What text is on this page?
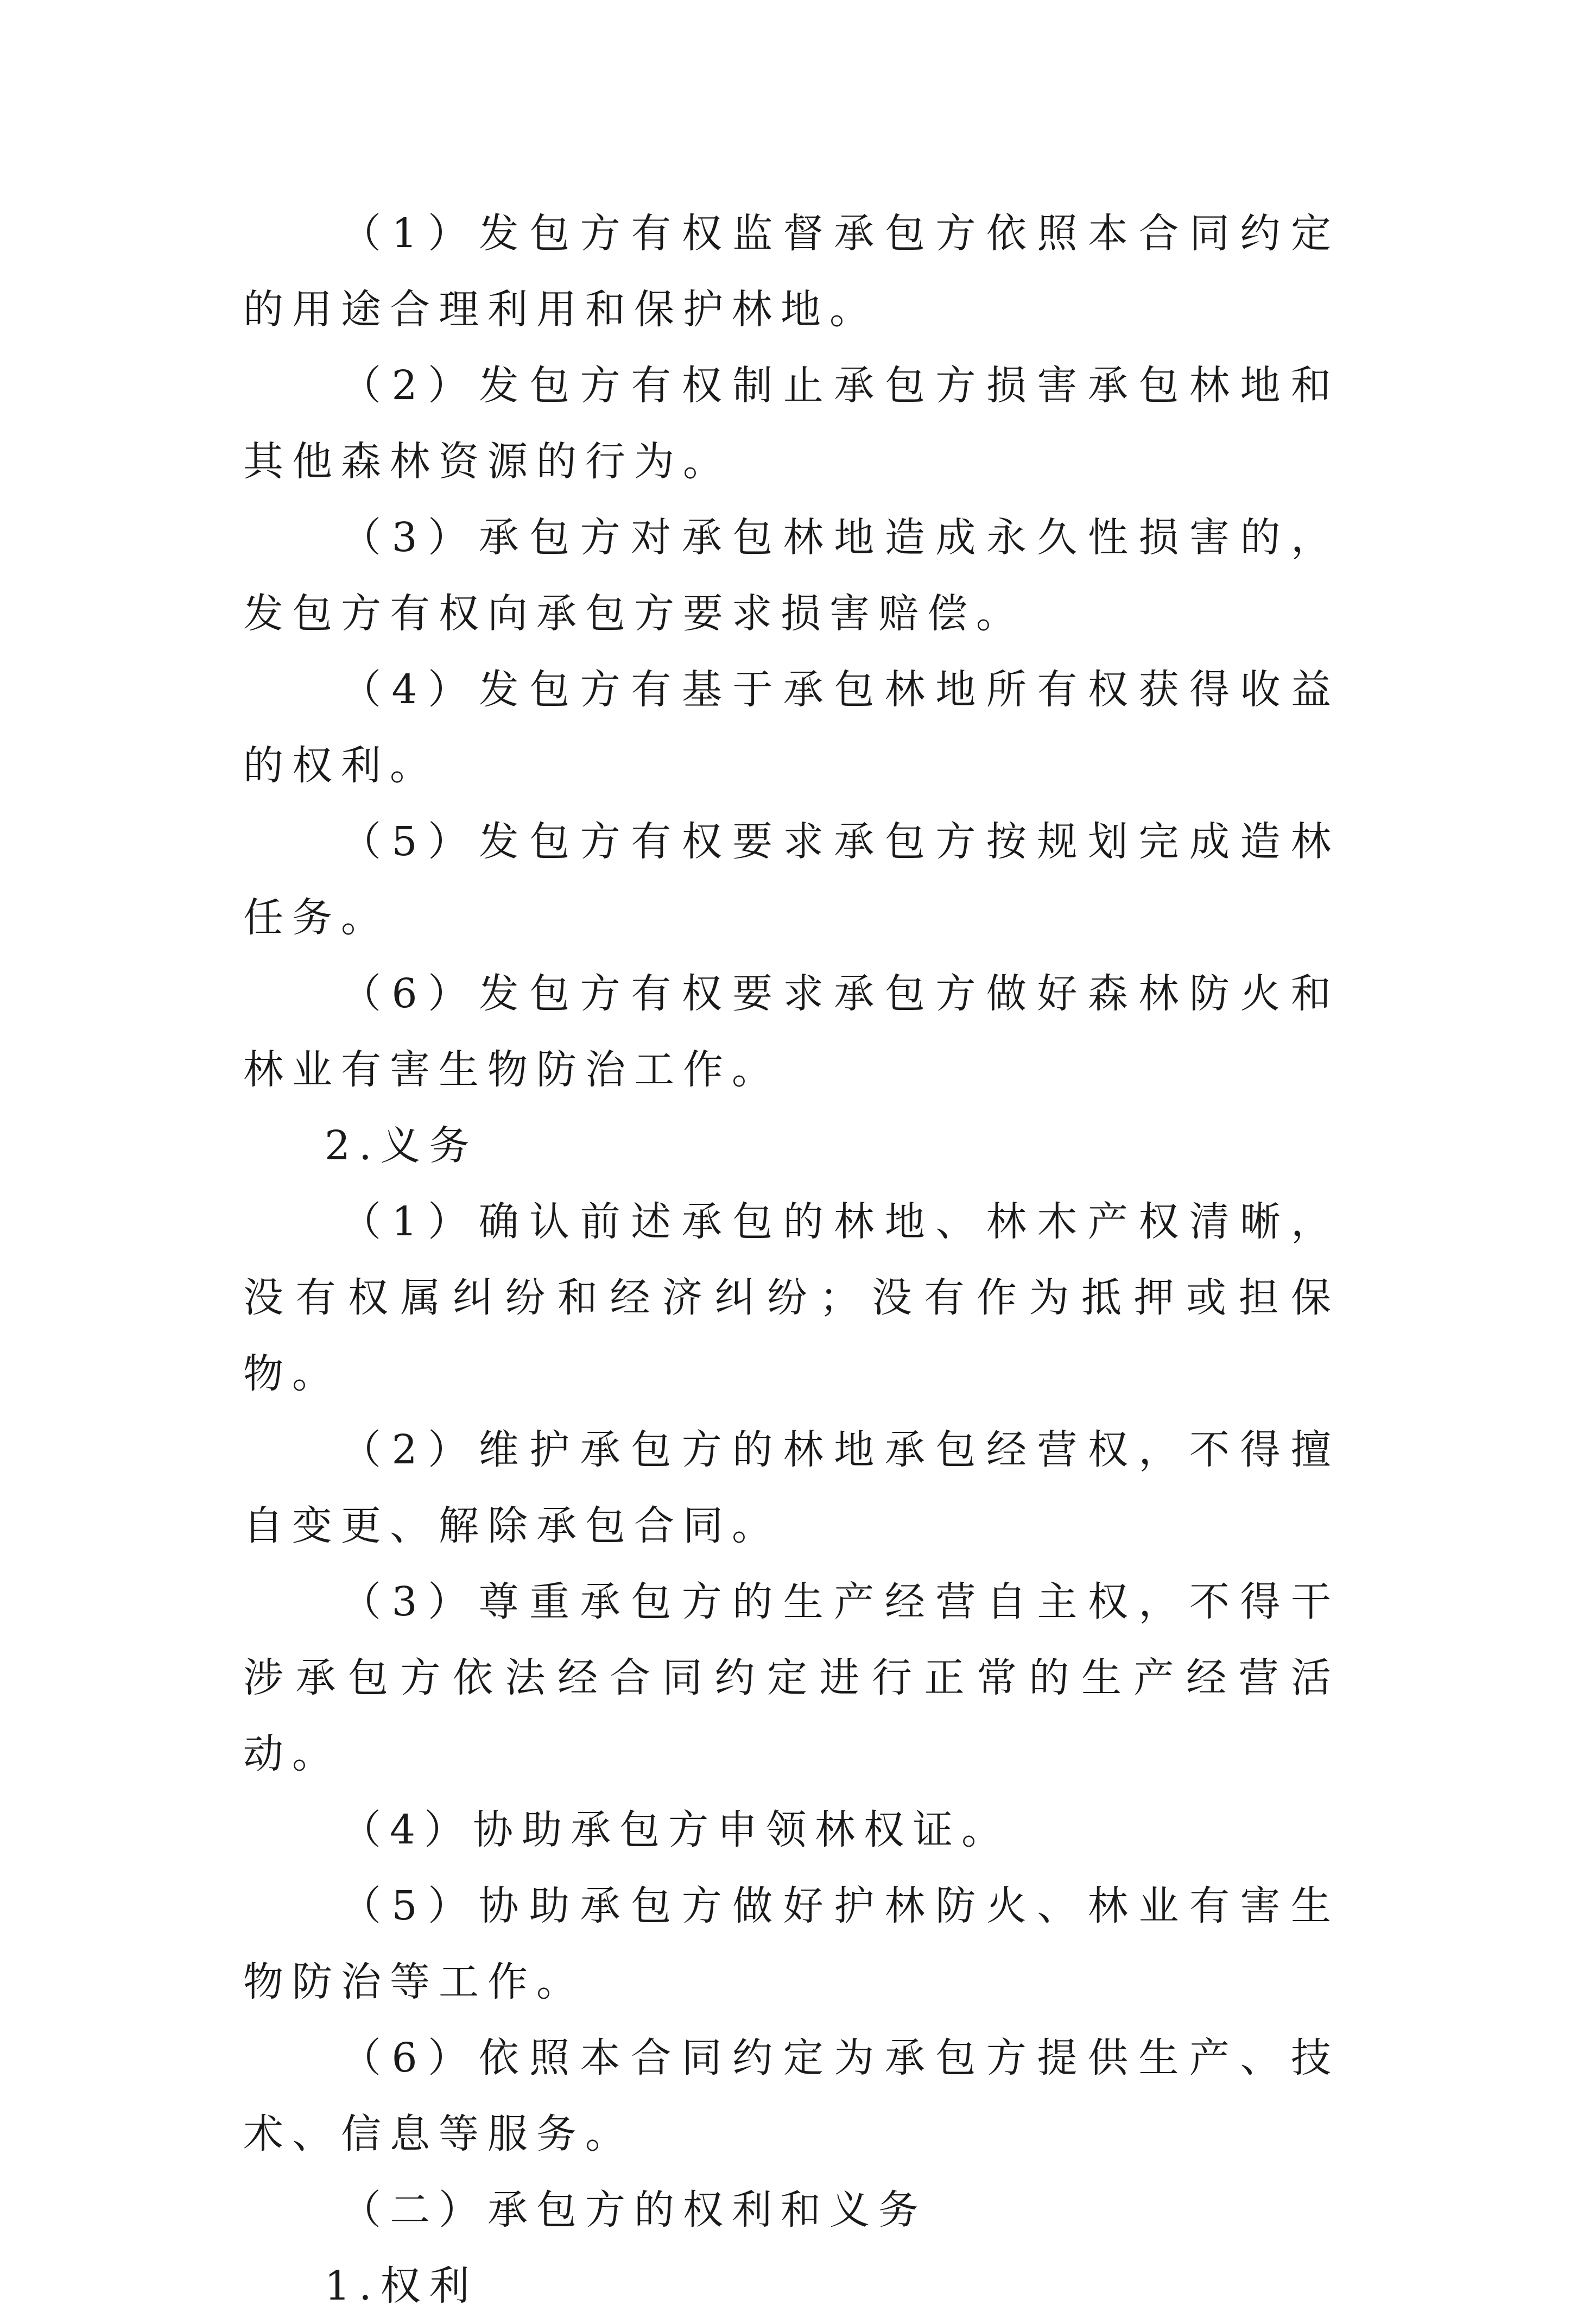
（1）发包方有权监督承包方依照本合同约定的用途合理利用和保护林地。

（2）发包方有权制止承包方损害承包林地和其他森林资源的行为。

（3）承包方对承包林地造成永久性损害的，发包方有权向承包方要求损害赔偿。

（4）发包方有基于承包林地所有权获得收益的权利。

（5）发包方有权要求承包方按规划完成造林任务。

（6）发包方有权要求承包方做好森林防火和林业有害生物防治工作。

2.义务

（1）确认前述承包的林地、林木产权清晰，没有权属纠纷和经济纠纷；没有作为抵押或担保物。

（2）维护承包方的林地承包经营权，不得擅自变更、解除承包合同。

（3）尊重承包方的生产经营自主权，不得干涉承包方依法经合同约定进行正常的生产经营活动。

（4）协助承包方申领林权证。

（5）协助承包方做好护林防火、林业有害生物防治等工作。

（6）依照本合同约定为承包方提供生产、技术、信息等服务。

（二）承包方的权利和义务

1.权利
